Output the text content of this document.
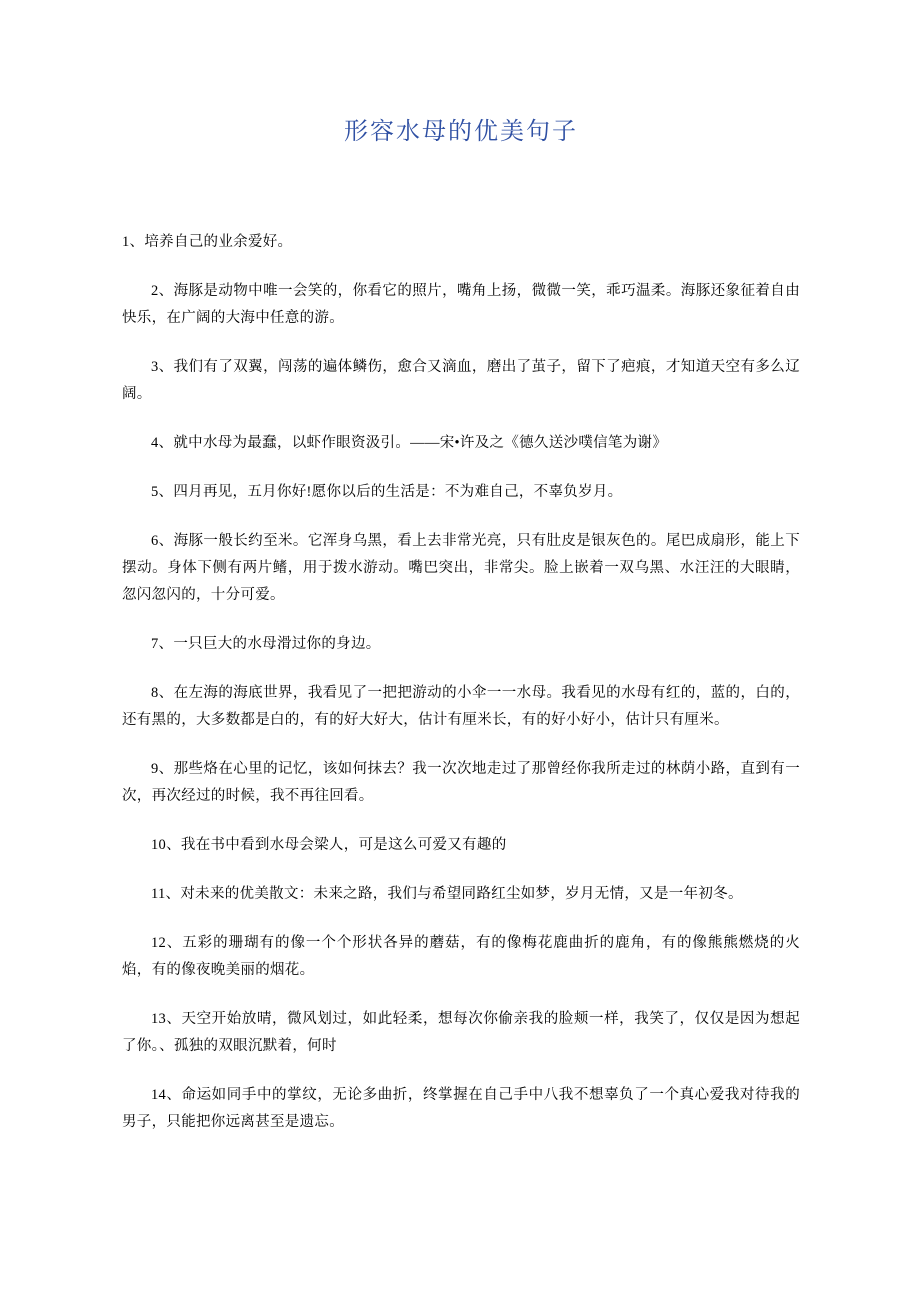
形容水母的优美句子

1、培养自己的业余爱好。

2、海豚是动物中唯一会笑的，你看它的照片，嘴角上扬，微微一笑，乖巧温柔。海豚还象征着自由快乐，在广阔的大海中任意的游。

3、我们有了双翼，闯荡的遍体鳞伤，愈合又滴血，磨出了茧子，留下了疤痕，才知道天空有多么辽阔。

4、就中水母为最蠢，以虾作眼资汲引。——宋•许及之《德久送沙噗信笔为谢》

5、四月再见，五月你好!愿你以后的生活是：不为难自己，不辜负岁月。

6、海豚一般长约至米。它浑身乌黑，看上去非常光亮，只有肚皮是银灰色的。尾巴成扇形，能上下摆动。身体下侧有两片鳍，用于拨水游动。嘴巴突出，非常尖。脸上嵌着一双乌黑、水汪汪的大眼睛，忽闪忽闪的，十分可爱。

7、一只巨大的水母滑过你的身边。

8、在左海的海底世界，我看见了一把把游动的小伞一一水母。我看见的水母有红的，蓝的，白的，还有黑的，大多数都是白的，有的好大好大，估计有厘米长，有的好小好小，估计只有厘米。

9、那些烙在心里的记忆，该如何抹去？我一次次地走过了那曾经你我所走过的林荫小路，直到有一次，再次经过的时候，我不再往回看。

10、我在书中看到水母会梁人，可是这么可爱又有趣的

11、对未来的优美散文：未来之路，我们与希望同路红尘如梦，岁月无情，又是一年初冬。

12、五彩的珊瑚有的像一个个形状各异的蘑菇，有的像梅花鹿曲折的鹿角，有的像熊熊燃烧的火焰，有的像夜晚美丽的烟花。

13、天空开始放晴，微风划过，如此轻柔，想每次你偷亲我的脸颊一样，我笑了，仅仅是因为想起了你。、孤独的双眼沉默着，何时

14、命运如同手中的掌纹，无论多曲折，终掌握在自己手中八我不想辜负了一个真心爱我对待我的男子，只能把你远离甚至是遗忘。
